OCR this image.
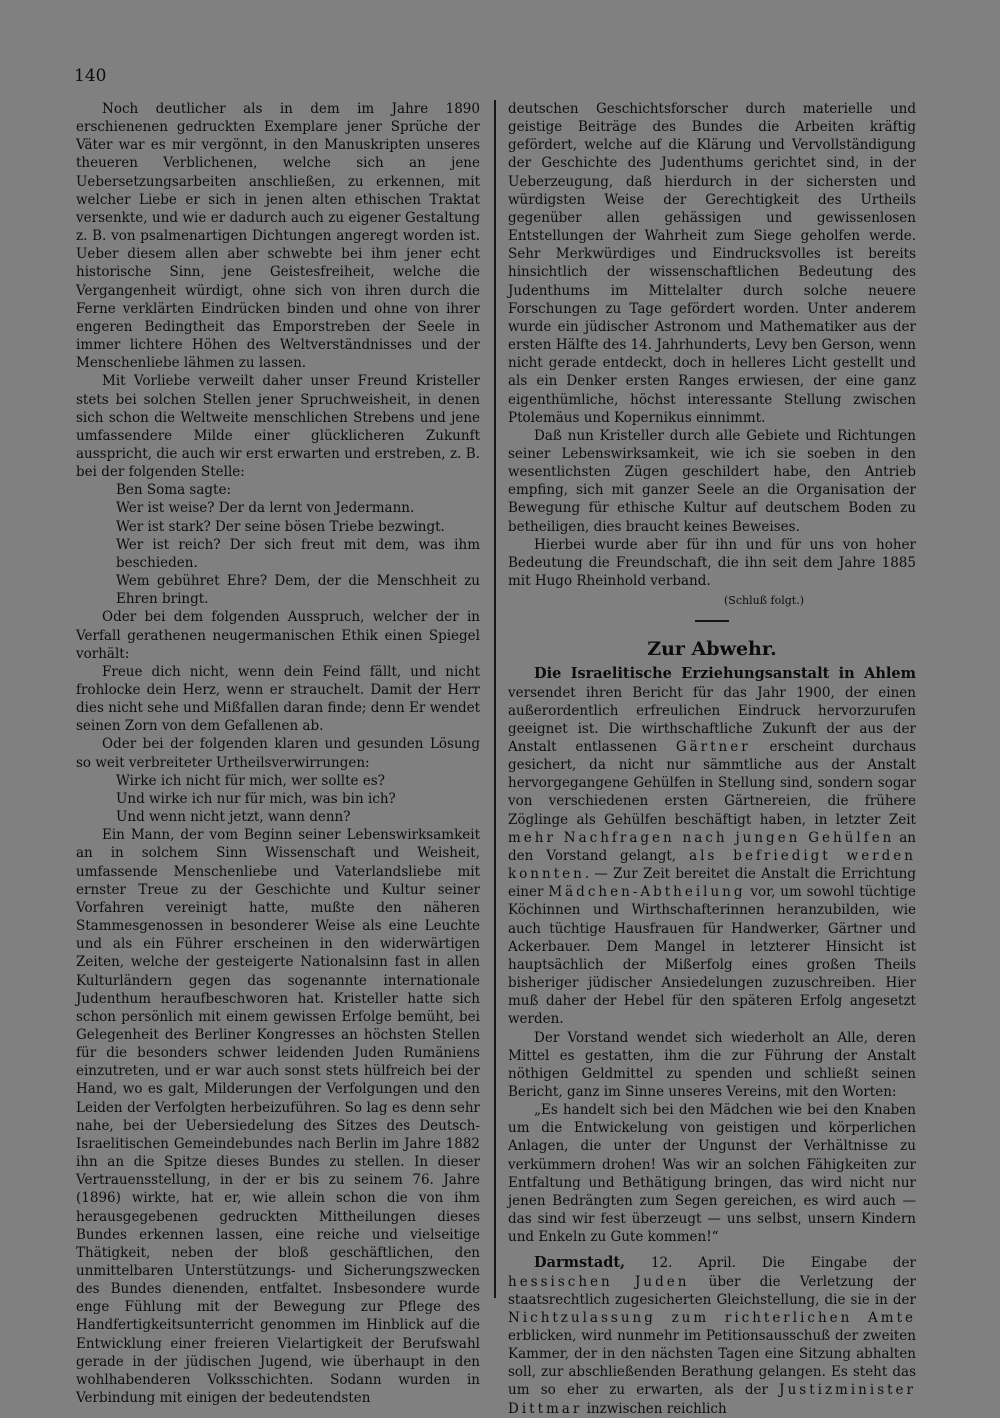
140

Noch deutlicher als in dem im Jahre 1890 erschienenen gedruckten Exemplare jener Sprüche der Väter war es mir vergönnt, in den Manuskripten unseres theueren Verblichenen, welche sich an jene Uebersetzungsarbeiten anschließen, zu erkennen, mit welcher Liebe er sich in jenen alten ethischen Traktat versenkte, und wie er dadurch auch zu eigener Gestaltung z. B. von psalmenartigen Dichtungen angeregt worden ist. Ueber diesem allen aber schwebte bei ihm jener echt historische Sinn, jene Geistesfreiheit, welche die Vergangenheit würdigt, ohne sich von ihren durch die Ferne verklärten Eindrücken binden und ohne von ihrer engeren Bedingtheit das Emporstreben der Seele in immer lichtere Höhen des Weltverständnisses und der Menschenliebe lähmen zu lassen.

Mit Vorliebe verweilt daher unser Freund Kristeller stets bei solchen Stellen jener Spruchweisheit, in denen sich schon die Weltweite menschlichen Strebens und jene umfassendere Milde einer glücklicheren Zukunft ausspricht, die auch wir erst erwarten und erstreben, z. B. bei der folgenden Stelle:

Ben Soma sagte:

Wer ist weise? Der da lernt von Jedermann.

Wer ist stark? Der seine bösen Triebe bezwingt.

Wer ist reich? Der sich freut mit dem, was ihm beschieden.

Wem gebühret Ehre? Dem, der die Menschheit zu Ehren bringt.

Oder bei dem folgenden Ausspruch, welcher der in Verfall gerathenen neugermanischen Ethik einen Spiegel vorhält:

Freue dich nicht, wenn dein Feind fällt, und nicht frohlocke dein Herz, wenn er strauchelt. Damit der Herr dies nicht sehe und Mißfallen daran finde; denn Er wendet seinen Zorn von dem Gefallenen ab.

Oder bei der folgenden klaren und gesunden Lösung so weit verbreiteter Urtheilsverwirrungen:

Wirke ich nicht für mich, wer sollte es?

Und wirke ich nur für mich, was bin ich?

Und wenn nicht jetzt, wann denn?

Ein Mann, der vom Beginn seiner Lebenswirksamkeit an in solchem Sinn Wissenschaft und Weisheit, umfassende Menschenliebe und Vaterlandsliebe mit ernster Treue zu der Geschichte und Kultur seiner Vorfahren vereinigt hatte, mußte den näheren Stammesgenossen in besonderer Weise als eine Leuchte und als ein Führer erscheinen in den widerwärtigen Zeiten, welche der gesteigerte Nationalsinn fast in allen Kulturländern gegen das sogenannte internationale Judenthum heraufbeschworen hat. Kristeller hatte sich schon persönlich mit einem gewissen Erfolge bemüht, bei Gelegenheit des Berliner Kongresses an höchsten Stellen für die besonders schwer leidenden Juden Rumäniens einzutreten, und er war auch sonst stets hülfreich bei der Hand, wo es galt, Milderungen der Verfolgungen und den Leiden der Verfolgten herbeizuführen. So lag es denn sehr nahe, bei der Uebersiedelung des Sitzes des Deutsch-Israelitischen Gemeindebundes nach Berlin im Jahre 1882 ihn an die Spitze dieses Bundes zu stellen. In dieser Vertrauensstellung, in der er bis zu seinem 76. Jahre (1896) wirkte, hat er, wie allein schon die von ihm herausgegebenen gedruckten Mittheilungen dieses Bundes erkennen lassen, eine reiche und vielseitige Thätigkeit, neben der bloß geschäftlichen, den unmittelbaren Unterstützungs- und Sicherungszwecken des Bundes dienenden, entfaltet. Insbesondere wurde enge Fühlung mit der Bewegung zur Pflege des Handfertigkeitsunterricht genommen im Hinblick auf die Entwicklung einer freieren Vielartigkeit der Berufswahl gerade in der jüdischen Jugend, wie überhaupt in den wohlhabenderen Volksschichten. Sodann wurden in Verbindung mit einigen der bedeutendsten

deutschen Geschichtsforscher durch materielle und geistige Beiträge des Bundes die Arbeiten kräftig gefördert, welche auf die Klärung und Vervollständigung der Geschichte des Judenthums gerichtet sind, in der Ueberzeugung, daß hierdurch in der sichersten und würdigsten Weise der Gerechtigkeit des Urtheils gegenüber allen gehässigen und gewissenlosen Entstellungen der Wahrheit zum Siege geholfen werde. Sehr Merkwürdiges und Eindrucksvolles ist bereits hinsichtlich der wissenschaftlichen Bedeutung des Judenthums im Mittelalter durch solche neuere Forschungen zu Tage gefördert worden. Unter anderem wurde ein jüdischer Astronom und Mathematiker aus der ersten Hälfte des 14. Jahrhunderts, Levy ben Gerson, wenn nicht gerade entdeckt, doch in helleres Licht gestellt und als ein Denker ersten Ranges erwiesen, der eine ganz eigenthümliche, höchst interessante Stellung zwischen Ptolemäus und Kopernikus einnimmt.

Daß nun Kristeller durch alle Gebiete und Richtungen seiner Lebenswirksamkeit, wie ich sie soeben in den wesentlichsten Zügen geschildert habe, den Antrieb empfing, sich mit ganzer Seele an die Organisation der Bewegung für ethische Kultur auf deutschem Boden zu betheiligen, dies braucht keines Beweises.

Hierbei wurde aber für ihn und für uns von hoher Bedeutung die Freundschaft, die ihn seit dem Jahre 1885 mit Hugo Rheinhold verband.

(Schluß folgt.)

Zur Abwehr.

Die Israelitische Erziehungsanstalt in Ahlem versendet ihren Bericht für das Jahr 1900, der einen außerordentlich erfreulichen Eindruck hervorzurufen geeignet ist. Die wirthschaftliche Zukunft der aus der Anstalt entlassenen Gärtner erscheint durchaus gesichert, da nicht nur sämmtliche aus der Anstalt hervorgegangene Gehülfen in Stellung sind, sondern sogar von verschiedenen ersten Gärtnereien, die frühere Zöglinge als Gehülfen beschäftigt haben, in letzter Zeit mehr Nachfragen nach jungen Gehülfen an den Vorstand gelangt, als befriedigt werden konnten. — Zur Zeit bereitet die Anstalt die Errichtung einer Mädchen-Abtheilung vor, um sowohl tüchtige Köchinnen und Wirthschafterinnen heranzubilden, wie auch tüchtige Hausfrauen für Handwerker, Gärtner und Ackerbauer. Dem Mangel in letzterer Hinsicht ist hauptsächlich der Mißerfolg eines großen Theils bisheriger jüdischer Ansiedelungen zuzuschreiben. Hier muß daher der Hebel für den späteren Erfolg angesetzt werden.

Der Vorstand wendet sich wiederholt an Alle, deren Mittel es gestatten, ihm die zur Führung der Anstalt nöthigen Geldmittel zu spenden und schließt seinen Bericht, ganz im Sinne unseres Vereins, mit den Worten:

„Es handelt sich bei den Mädchen wie bei den Knaben um die Entwickelung von geistigen und körperlichen Anlagen, die unter der Ungunst der Verhältnisse zu verkümmern drohen! Was wir an solchen Fähigkeiten zur Entfaltung und Bethätigung bringen, das wird nicht nur jenen Bedrängten zum Segen gereichen, es wird auch — das sind wir fest überzeugt — uns selbst, unsern Kindern und Enkeln zu Gute kommen!“

Darmstadt, 12. April. Die Eingabe der hessischen Juden über die Verletzung der staatsrechtlich zugesicherten Gleichstellung, die sie in der Nichtzulassung zum richterlichen Amte erblicken, wird nunmehr im Petitionsausschuß der zweiten Kammer, der in den nächsten Tagen eine Sitzung abhalten soll, zur abschließenden Berathung gelangen. Es steht das um so eher zu erwarten, als der Justizminister Dittmar inzwischen reichlich
